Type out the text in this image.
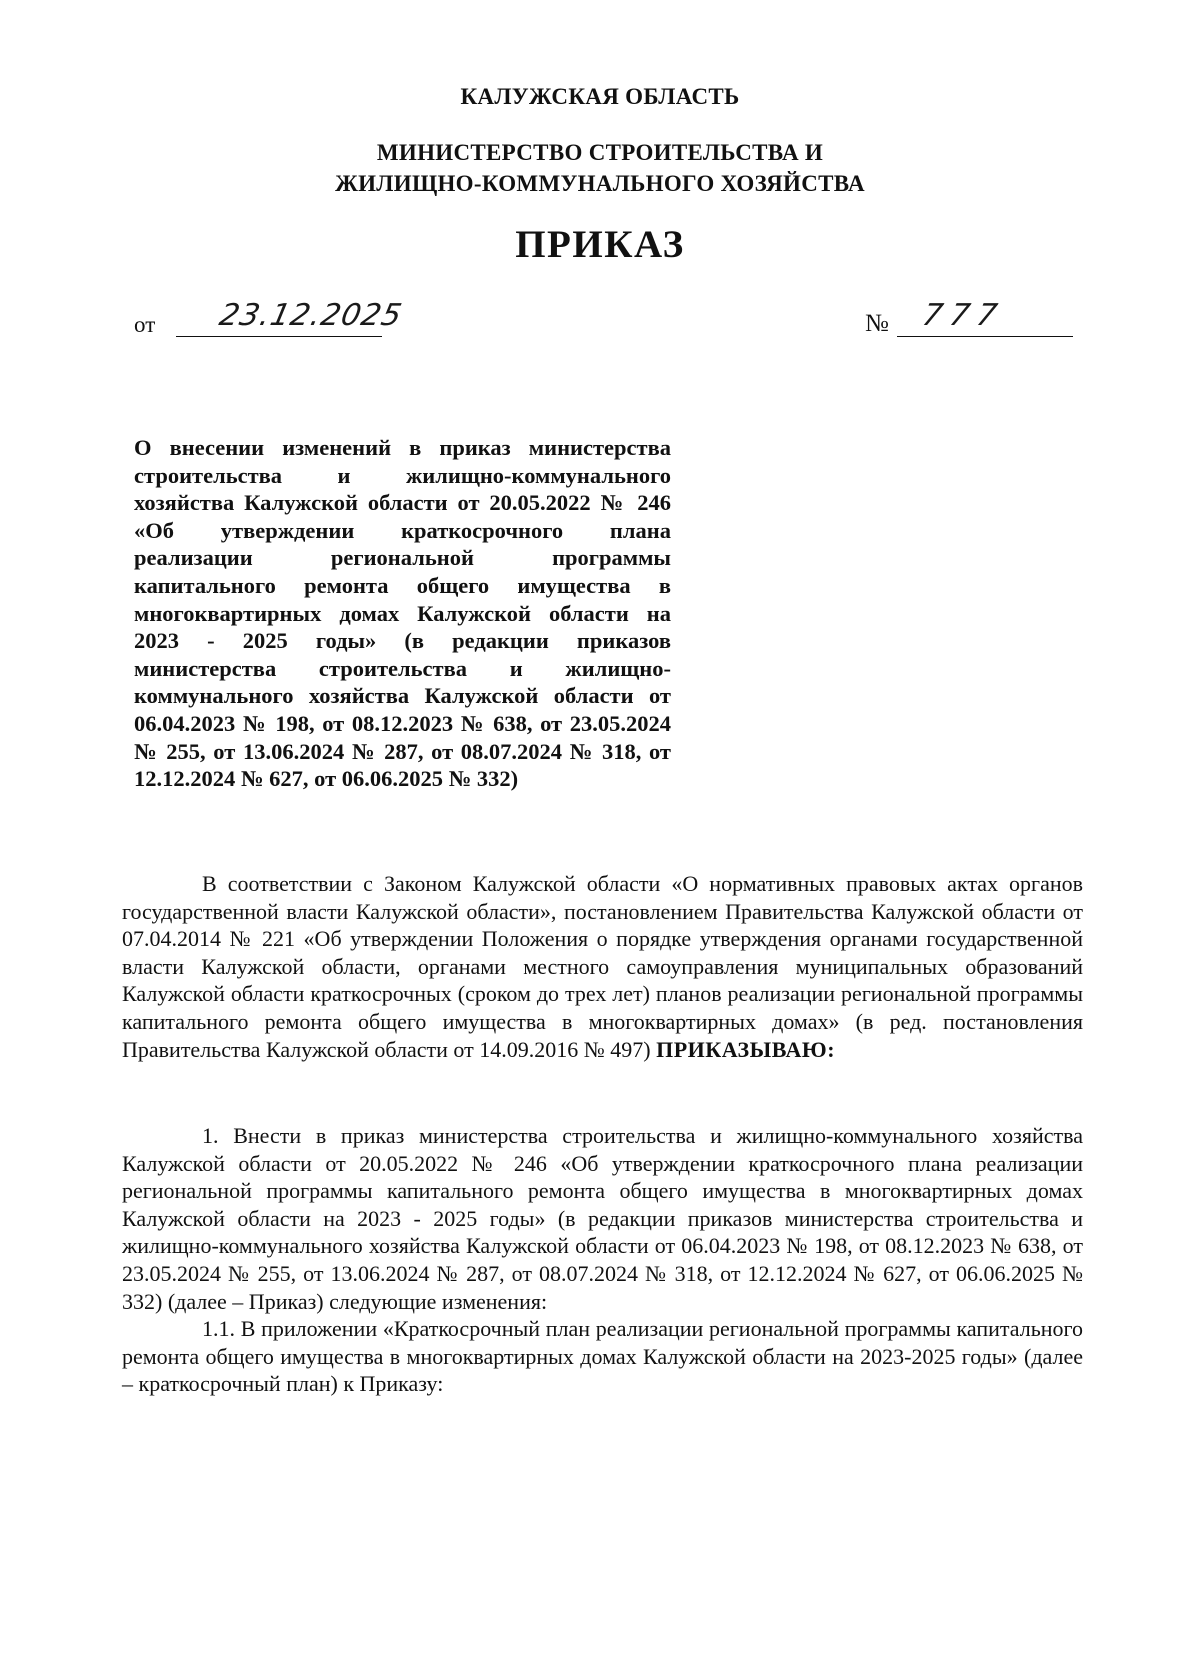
КАЛУЖСКАЯ ОБЛАСТЬ
МИНИСТЕРСТВО СТРОИТЕЛЬСТВА И
ЖИЛИЩНО-КОММУНАЛЬНОГО ХОЗЯЙСТВА
ПРИКАЗ
от 23.12.2025	№ 777

О внесении изменений в приказ министерства строительства и жилищно-коммунального хозяйства Калужской области от 20.05.2022 № 246 «Об утверждении краткосрочного плана реализации региональной программы капитального ремонта общего имущества в многоквартирных домах Калужской области на 2023 - 2025 годы» (в редакции приказов министерства строительства и жилищно-коммунального хозяйства Калужской области от 06.04.2023 № 198, от 08.12.2023 № 638, от 23.05.2024 № 255, от 13.06.2024 № 287, от 08.07.2024 № 318, от 12.12.2024 № 627, от 06.06.2025 № 332)

В соответствии с Законом Калужской области «О нормативных правовых актах органов государственной власти Калужской области», постановлением Правительства Калужской области от 07.04.2014 № 221 «Об утверждении Положения о порядке утверждения органами государственной власти Калужской области, органами местного самоуправления муниципальных образований Калужской области краткосрочных (сроком до трех лет) планов реализации региональной программы капитального ремонта общего имущества в многоквартирных домах» (в ред. постановления Правительства Калужской области от 14.09.2016 № 497) ПРИКАЗЫВАЮ:

1. Внести в приказ министерства строительства и жилищно-коммунального хозяйства Калужской области от 20.05.2022 № 246 «Об утверждении краткосрочного плана реализации региональной программы капитального ремонта общего имущества в многоквартирных домах Калужской области на 2023 - 2025 годы» (в редакции приказов министерства строительства и жилищно-коммунального хозяйства Калужской области от 06.04.2023 № 198, от 08.12.2023 № 638, от 23.05.2024 № 255, от 13.06.2024 № 287, от 08.07.2024 № 318, от 12.12.2024 № 627, от 06.06.2025 № 332) (далее – Приказ) следующие изменения:

1.1. В приложении «Краткосрочный план реализации региональной программы капитального ремонта общего имущества в многоквартирных домах Калужской области на 2023-2025 годы» (далее – краткосрочный план) к Приказу:
